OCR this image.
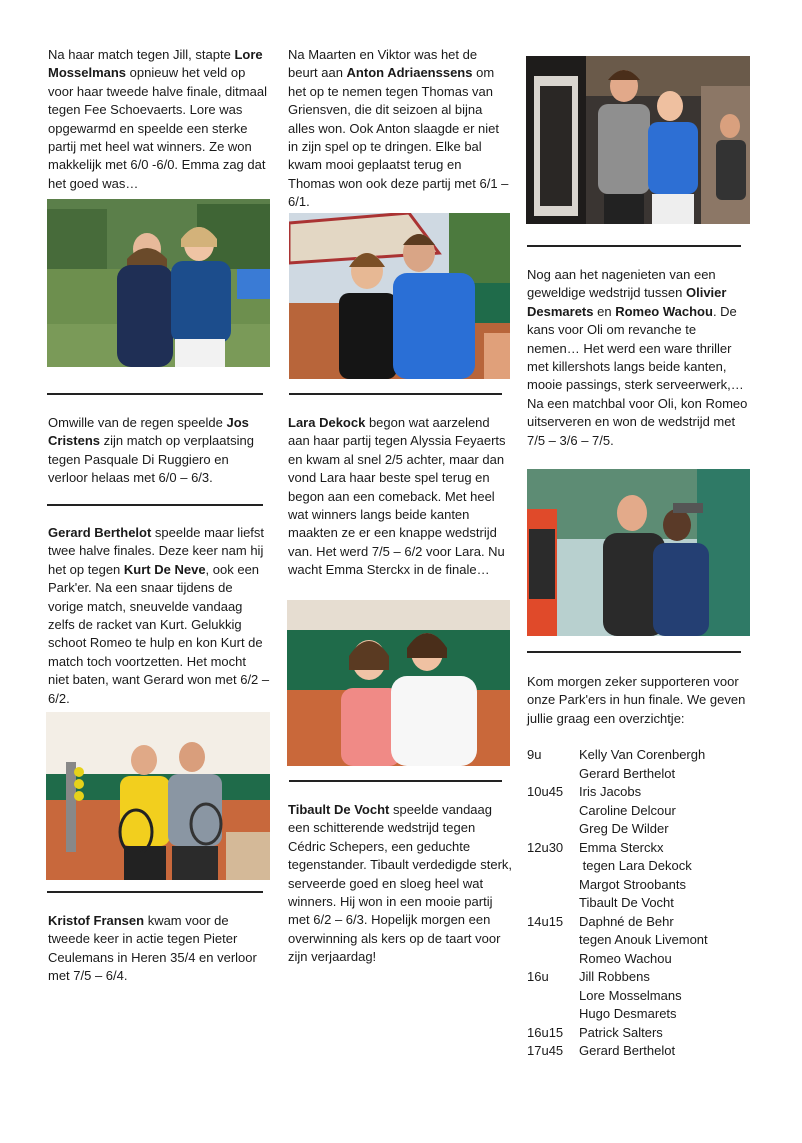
Na haar match tegen Jill, stapte Lore Mosselmans opnieuw het veld op voor haar tweede halve finale, ditmaal tegen Fee Schoevaerts. Lore was opgewarmd en speelde een sterke partij met heel wat winners. Ze won makkelijk met 6/0 -6/0. Emma zag dat het goed was…

Omwille van de regen speelde Jos Cristens zijn match op verplaatsing tegen Pasquale Di Ruggiero en verloor helaas met 6/0 – 6/3.

Gerard Berthelot speelde maar liefst twee halve finales. Deze keer nam hij het op tegen Kurt De Neve, ook een Park'er. Na een snaar tijdens de vorige match, sneuvelde vandaag zelfs de racket van Kurt. Gelukkig schoot Romeo te hulp en kon Kurt de match toch voortzetten. Het mocht niet baten, want Gerard won met 6/2 – 6/2.

Kristof Fransen kwam voor de tweede keer in actie tegen Pieter Ceulemans in Heren 35/4 en verloor met 7/5 – 6/4.

Na Maarten en Viktor was het de beurt aan Anton Adriaenssens om het op te nemen tegen Thomas van Griensven, die dit seizoen al bijna alles won. Ook Anton slaagde er niet in zijn spel op te dringen. Elke bal kwam mooi geplaatst terug en Thomas won ook deze partij met 6/1 – 6/1.

Lara Dekock begon wat aarzelend aan haar partij tegen Alyssia Feyaerts en kwam al snel 2/5 achter, maar dan vond Lara haar beste spel terug en begon aan een comeback. Met heel wat winners langs beide kanten maakten ze er een knappe wedstrijd van. Het werd 7/5 – 6/2 voor Lara. Nu wacht Emma Sterckx in de finale…

Tibault De Vocht speelde vandaag een schitterende wedstrijd tegen Cédric Schepers, een geduchte tegenstander. Tibault verdedigde sterk, serveerde goed en sloeg heel wat winners. Hij won in een mooie partij met 6/2 – 6/3. Hopelijk morgen een overwinning als kers op de taart voor zijn verjaardag!

Nog aan het nagenieten van een geweldige wedstrijd tussen Olivier Desmarets en Romeo Wachou. De kans voor Oli om revanche te nemen… Het werd een ware thriller met killershots langs beide kanten, mooie passings, sterk serveerwerk,… Na een matchbal voor Oli, kon Romeo uitserveren en won de wedstrijd met 7/5 – 3/6 – 7/5.

Kom morgen zeker supporteren voor onze Park'ers in hun finale. We geven jullie graag een overzichtje:

9u	Kelly Van Corenbergh
Gerard Berthelot
10u45	Iris Jacobs
Caroline Delcour
Greg De Wilder
12u30	Emma Sterckx
tegen Lara Dekock
Margot Stroobants
Tibault De Vocht
14u15	Daphné de Behr
tegen Anouk Livemont
Romeo Wachou
16u	Jill Robbens
Lore Mosselmans
Hugo Desmarets
16u15	Patrick Salters
17u45	Gerard Berthelot
